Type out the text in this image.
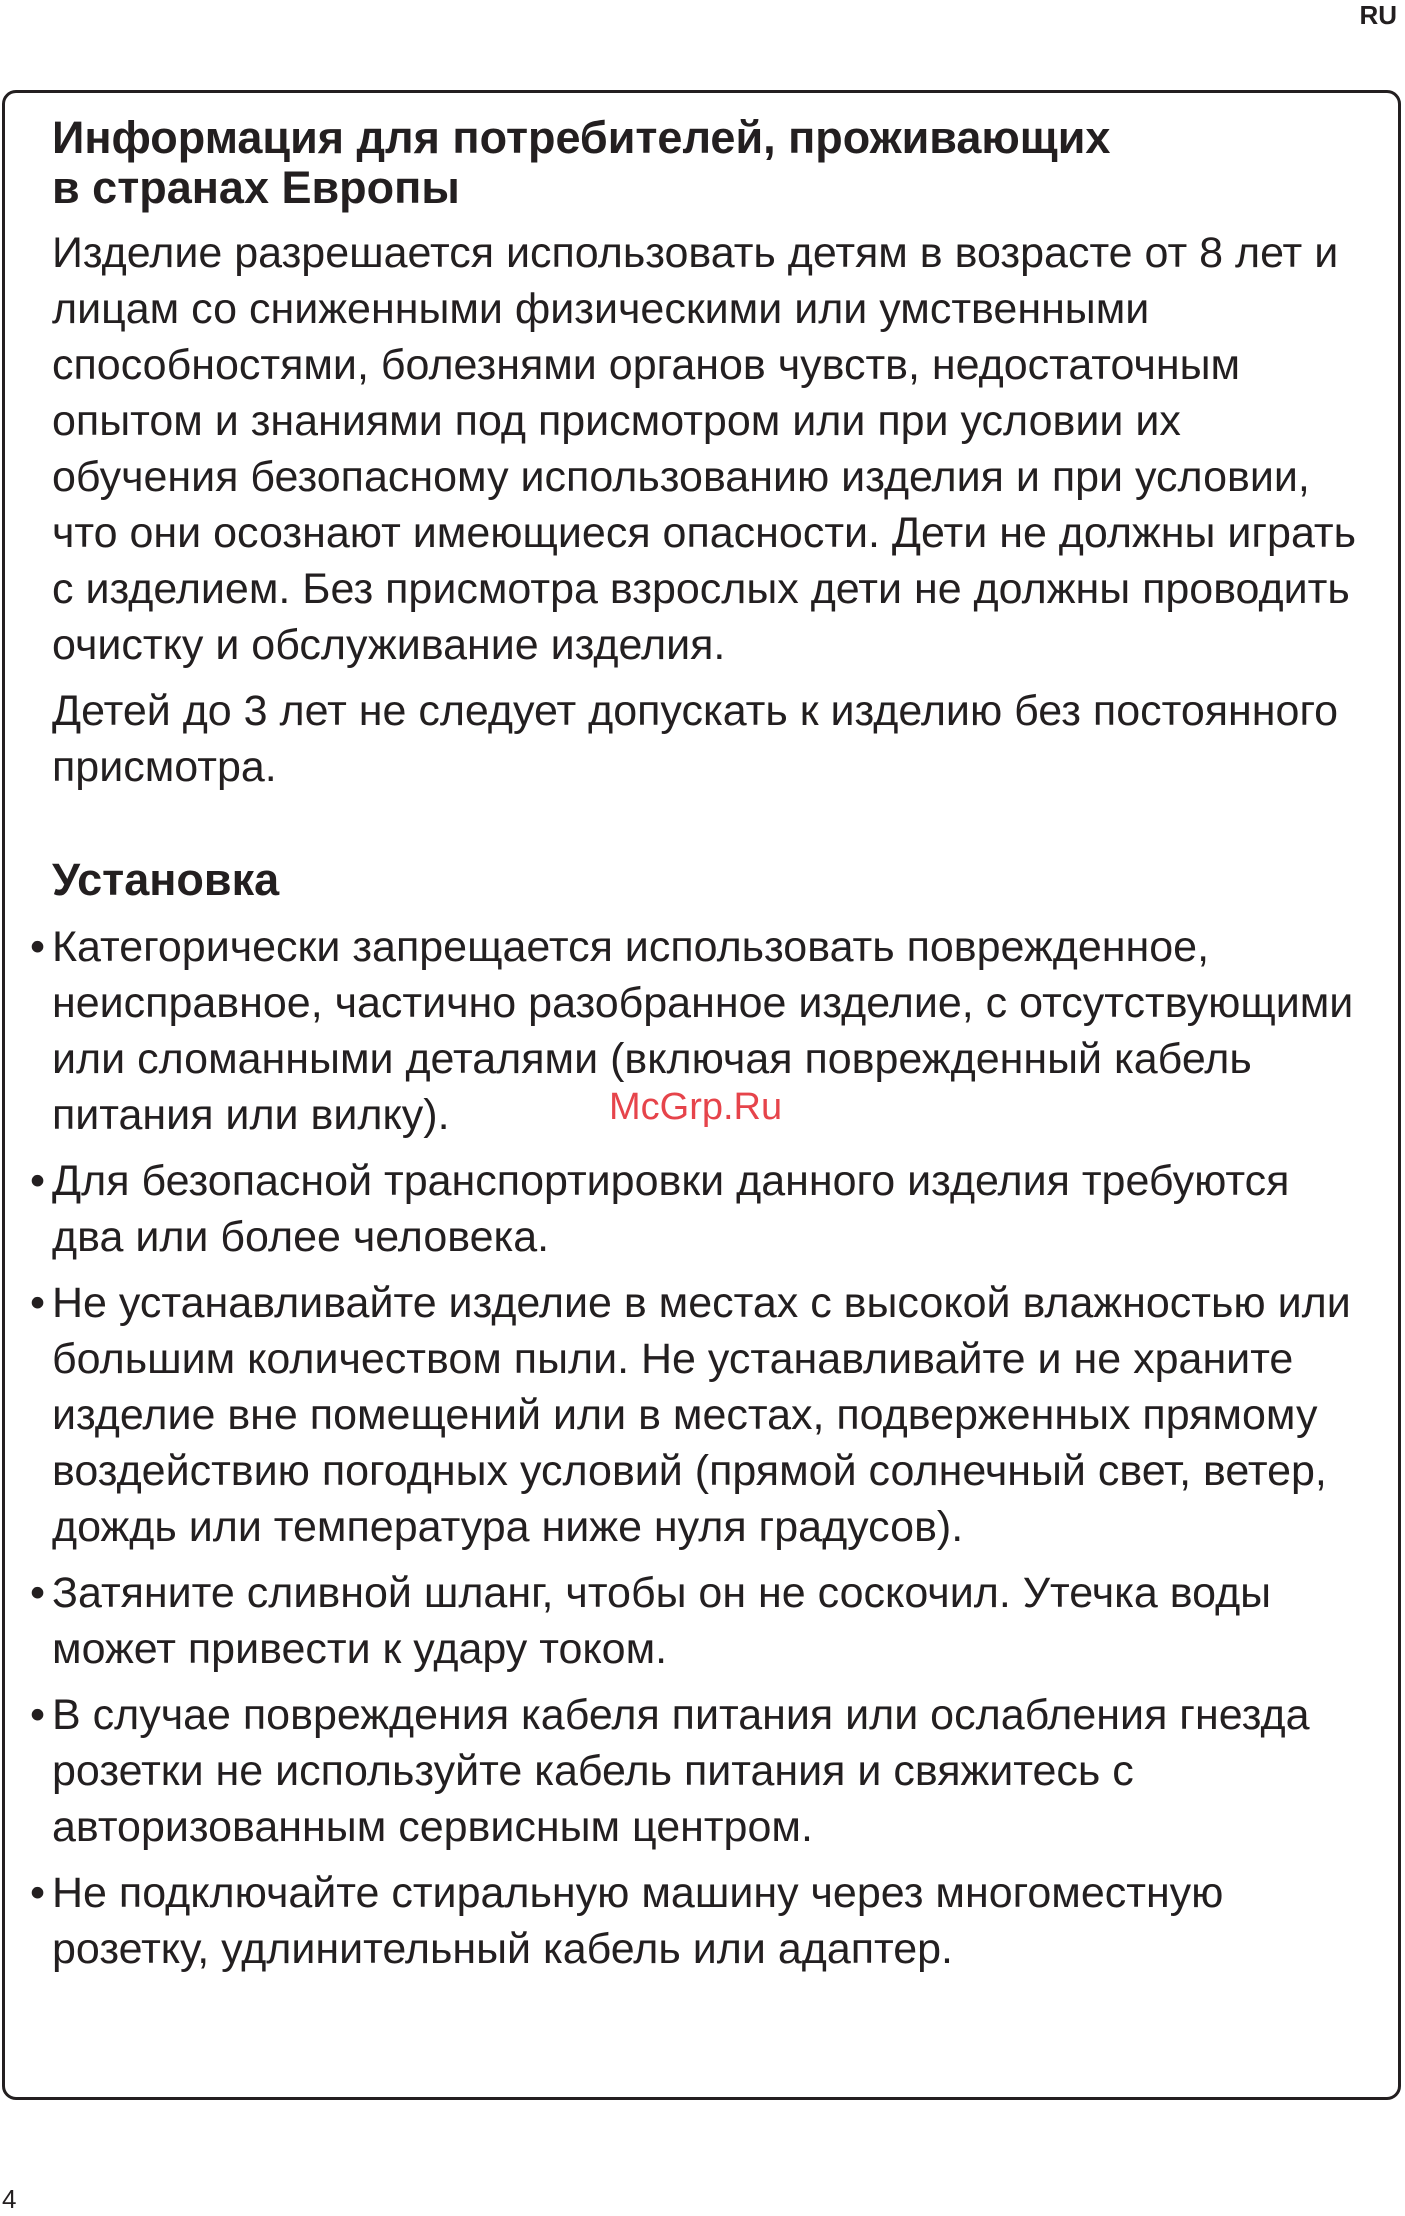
RU
Информация для потребителей, проживающих
в странах Европы

Изделие разрешается использовать детям в возрасте от 8 лет и лицам со сниженными физическими или умственными способностями, болезнями органов чувств, недостаточным опытом и знаниями под присмотром или при условии их обучения безопасному использованию изделия и при условии, что они осознают имеющиеся опасности. Дети не должны играть с изделием. Без присмотра взрослых дети не должны проводить очистку и обслуживание изделия.

Детей до 3 лет не следует допускать к изделию без постоянного присмотра.

Установка
• Категорически запрещается использовать поврежденное, неисправное, частично разобранное изделие, с отсутствующими или сломанными деталями (включая поврежденный кабель питания или вилку).
• Для безопасной транспортировки данного изделия требуются два или более человека.
• Не устанавливайте изделие в местах с высокой влажностью или большим количеством пыли. Не устанавливайте и не храните изделие вне помещений или в местах, подверженных прямому воздействию погодных условий (прямой солнечный свет, ветер, дождь или температура ниже нуля градусов).
• Затяните сливной шланг, чтобы он не соскочил. Утечка воды может привести к удару током.
• В случае повреждения кабеля питания или ослабления гнезда розетки не используйте кабель питания и свяжитесь с авторизованным сервисным центром.
• Не подключайте стиральную машину через многоместную розетку, удлинительный кабель или адаптер.
McGrp.Ru
4
